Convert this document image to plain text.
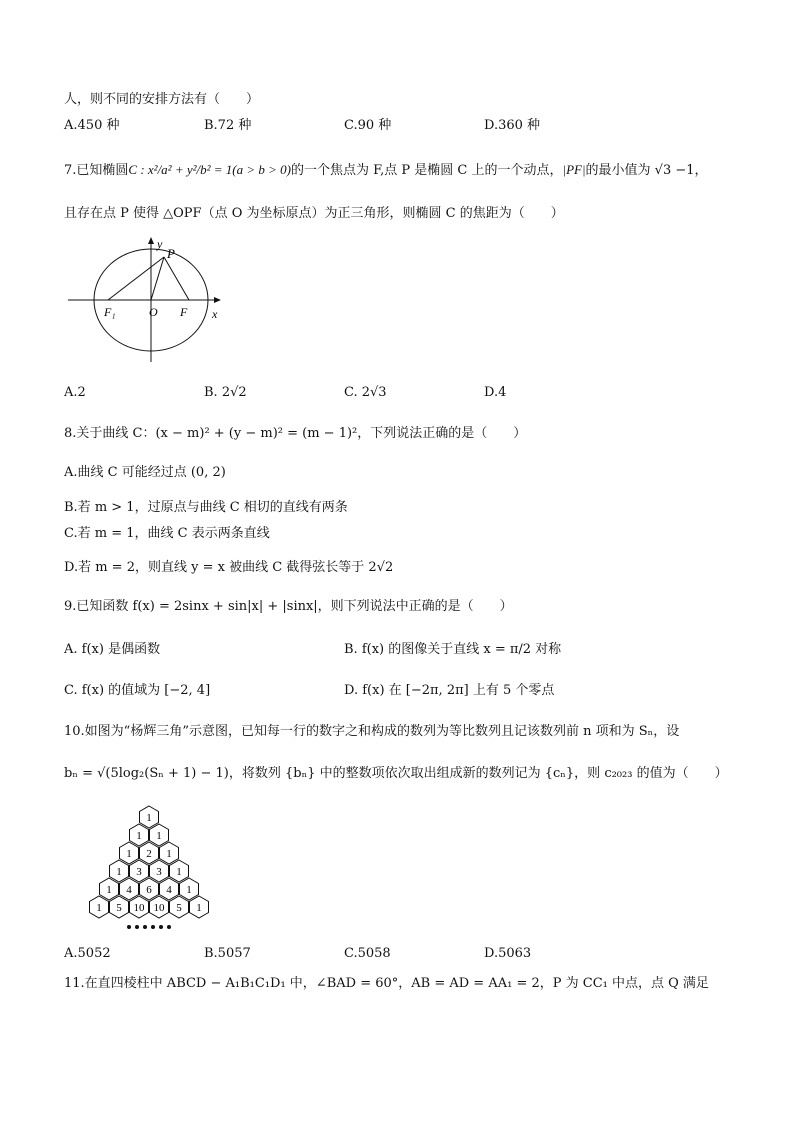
人，则不同的安排方法有（　　）
A.450 种	B.72 种	C.90 种	D.360 种
7.已知椭圆C : x²/a² + y²/b² = 1(a > b > 0)的一个焦点为 F,点 P 是椭圆 C 上的一个动点，|PF|的最小值为 √3 −1，
且存在点 P 使得 △OPF（点 O 为坐标原点）为正三角形，则椭圆 C 的焦距为（　　）
y
P
F₁	O F x
A.2	B. 2√2	C. 2√3	D.4
8.关于曲线 C：(x − m)² + (y − m)² = (m − 1)²，下列说法正确的是（　　）
A.曲线 C 可能经过点 (0, 2)
B.若 m > 1，过原点与曲线 C 相切的直线有两条
C.若 m = 1，曲线 C 表示两条直线
D.若 m = 2，则直线 y = x 被曲线 C 截得弦长等于 2√2
9.已知函数 f(x) = 2sinx + sin|x| + |sinx|，则下列说法中正确的是（　　）
A. f(x) 是偶函数	B. f(x) 的图像关于直线 x = π/2 对称
C. f(x) 的值域为 [−2, 4]	D. f(x) 在 [−2π, 2π] 上有 5 个零点
10.如图为“杨辉三角”示意图，已知每一行的数字之和构成的数列为等比数列且记该数列前 n 项和为 Sₙ，设
bₙ = √(5log₂(Sₙ + 1) − 1)，将数列 {bₙ} 中的整数项依次取出组成新的数列记为 {cₙ}，则 c₂₀₂₃ 的值为（　　）
1
1 1
1 2 1
1 3 3 1
1 4 6 4 1
1 5 10 10 5 1
A.5052	B.5057	C.5058	D.5063
11.在直四棱柱中 ABCD − A₁B₁C₁D₁ 中，∠BAD = 60°，AB = AD = AA₁ = 2，P 为 CC₁ 中点，点 Q 满足
